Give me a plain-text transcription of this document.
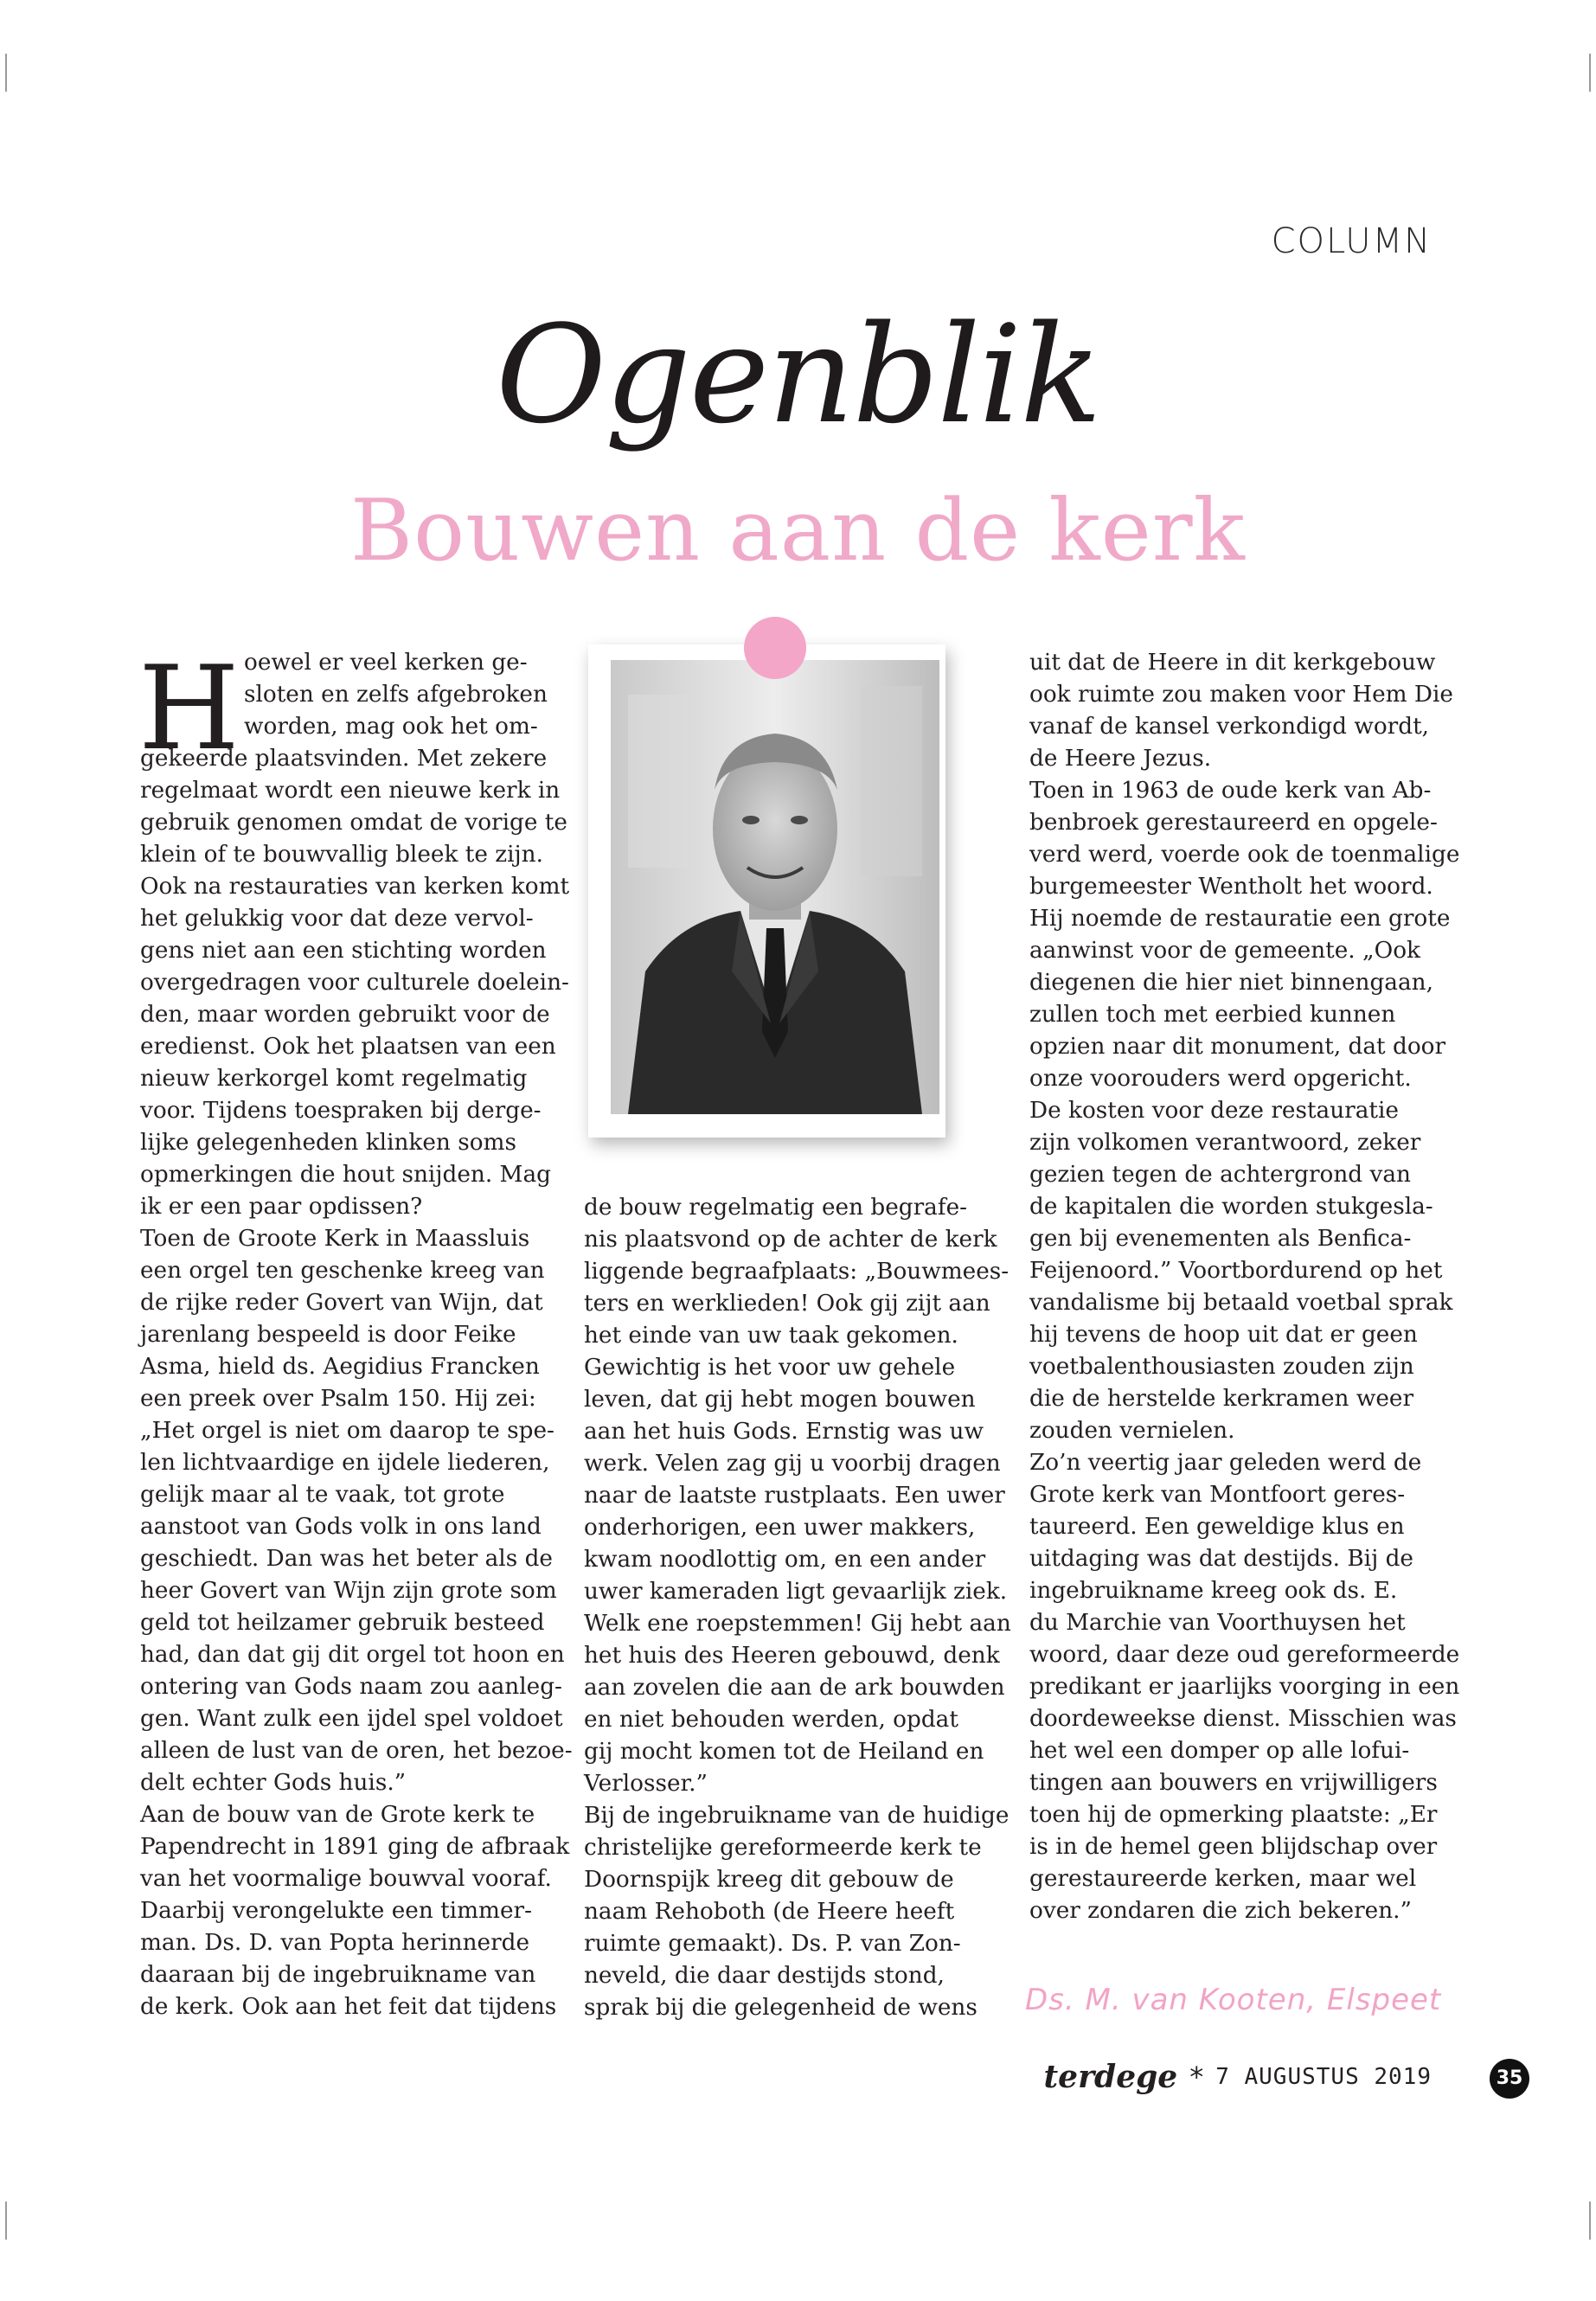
COLUMN
Ogenblik
Bouwen aan de kerk
H oewel er veel kerken ge-
sloten en zelfs afgebroken
worden, mag ook het om-
gekeerde plaatsvinden. Met zekere
regelmaat wordt een nieuwe kerk in
gebruik genomen omdat de vorige te
klein of te bouwvallig bleek te zijn.
Ook na restauraties van kerken komt
het gelukkig voor dat deze vervol-
gens niet aan een stichting worden
overgedragen voor culturele doelein-
den, maar worden gebruikt voor de
eredienst. Ook het plaatsen van een
nieuw kerkorgel komt regelmatig
voor. Tijdens toespraken bij derge-
lijke gelegenheden klinken soms
opmerkingen die hout snijden. Mag
ik er een paar opdissen?
Toen de Groote Kerk in Maassluis
een orgel ten geschenke kreeg van
de rijke reder Govert van Wijn, dat
jarenlang bespeeld is door Feike
Asma, hield ds. Aegidius Francken
een preek over Psalm 150. Hij zei:
„Het orgel is niet om daarop te spe-
len lichtvaardige en ijdele liederen,
gelijk maar al te vaak, tot grote
aanstoot van Gods volk in ons land
geschiedt. Dan was het beter als de
heer Govert van Wijn zijn grote som
geld tot heilzamer gebruik besteed
had, dan dat gij dit orgel tot hoon en
ontering van Gods naam zou aanleg-
gen. Want zulk een ijdel spel voldoet
alleen de lust van de oren, het bezoe-
delt echter Gods huis.”
Aan de bouw van de Grote kerk te
Papendrecht in 1891 ging de afbraak
van het voormalige bouwval vooraf.
Daarbij verongelukte een timmer-
man. Ds. D. van Popta herinnerde
daaraan bij de ingebruikname van
de kerk. Ook aan het feit dat tijdens
de bouw regelmatig een begrafe-
nis plaatsvond op de achter de kerk
liggende begraafplaats: „Bouwmees-
ters en werklieden! Ook gij zijt aan
het einde van uw taak gekomen.
Gewichtig is het voor uw gehele
leven, dat gij hebt mogen bouwen
aan het huis Gods. Ernstig was uw
werk. Velen zag gij u voorbij dragen
naar de laatste rustplaats. Een uwer
onderhorigen, een uwer makkers,
kwam noodlottig om, en een ander
uwer kameraden ligt gevaarlijk ziek.
Welk ene roepstemmen! Gij hebt aan
het huis des Heeren gebouwd, denk
aan zovelen die aan de ark bouwden
en niet behouden werden, opdat
gij mocht komen tot de Heiland en
Verlosser.”
Bij de ingebruikname van de huidige
christelijke gereformeerde kerk te
Doornspijk kreeg dit gebouw de
naam Rehoboth (de Heere heeft
ruimte gemaakt). Ds. P. van Zon-
neveld, die daar destijds stond,
sprak bij die gelegenheid de wens
uit dat de Heere in dit kerkgebouw
ook ruimte zou maken voor Hem Die
vanaf de kansel verkondigd wordt,
de Heere Jezus.
Toen in 1963 de oude kerk van Ab-
benbroek gerestaureerd en opgele-
verd werd, voerde ook de toenmalige
burgemeester Wentholt het woord.
Hij noemde de restauratie een grote
aanwinst voor de gemeente. „Ook
diegenen die hier niet binnengaan,
zullen toch met eerbied kunnen
opzien naar dit monument, dat door
onze voorouders werd opgericht.
De kosten voor deze restauratie
zijn volkomen verantwoord, zeker
gezien tegen de achtergrond van
de kapitalen die worden stukgesla-
gen bij evenementen als Benfica-
Feijenoord.” Voortbordurend op het
vandalisme bij betaald voetbal sprak
hij tevens de hoop uit dat er geen
voetbalenthousiasten zouden zijn
die de herstelde kerkramen weer
zouden vernielen.
Zo’n veertig jaar geleden werd de
Grote kerk van Montfoort geres-
taureerd. Een geweldige klus en
uitdaging was dat destijds. Bij de
ingebruikname kreeg ook ds. E.
du Marchie van Voorthuysen het
woord, daar deze oud gereformeerde
predikant er jaarlijks voorging in een
doordeweekse dienst. Misschien was
het wel een domper op alle lofui-
tingen aan bouwers en vrijwilligers
toen hij de opmerking plaatste: „Er
is in de hemel geen blijdschap over
gerestaureerde kerken, maar wel
over zondaren die zich bekeren.”
Ds. M. van Kooten, Elspeet
terdege * 7 AUGUSTUS 2019	35
